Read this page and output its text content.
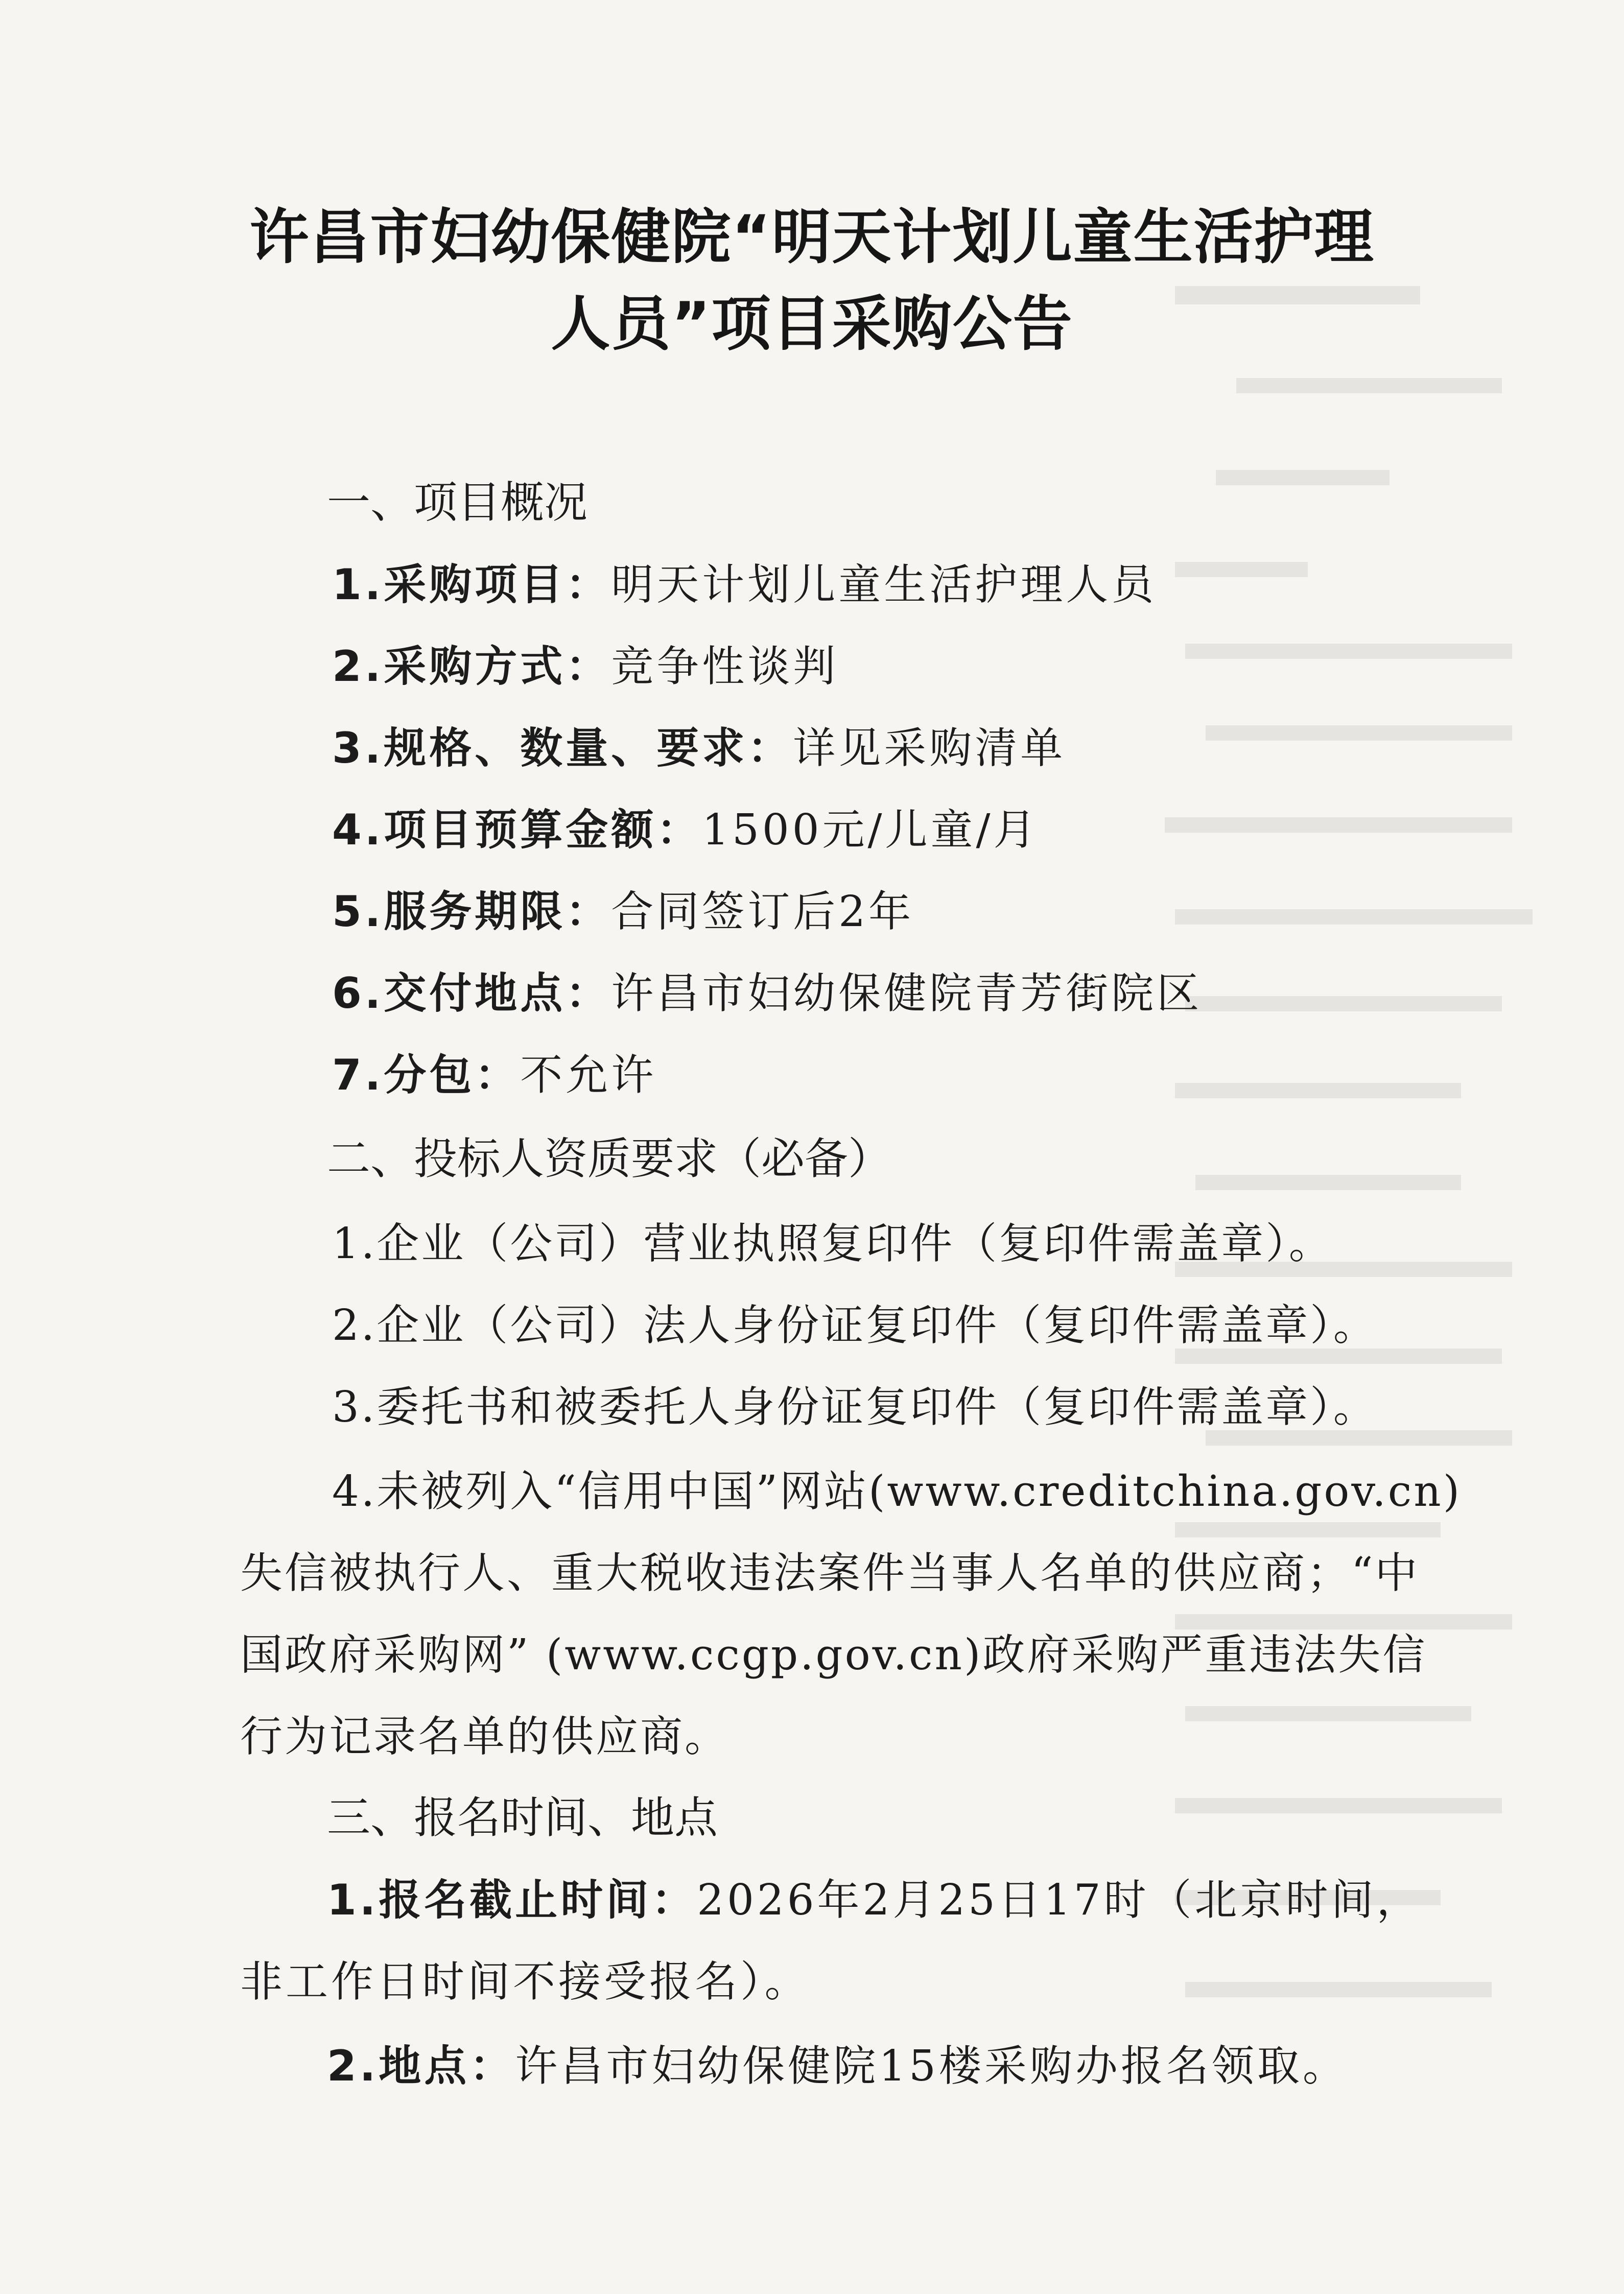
许昌市妇幼保健院“明天计划儿童生活护理
人员”项目采购公告

一、项目概况

1.采购项目：明天计划儿童生活护理人员

2.采购方式：竞争性谈判

3.规格、数量、要求：详见采购清单

4.项目预算金额：1500元/儿童/月

5.服务期限：合同签订后2年

6.交付地点：许昌市妇幼保健院青芳街院区

7.分包：不允许

二、投标人资质要求（必备）

1.企业（公司）营业执照复印件（复印件需盖章）。

2.企业（公司）法人身份证复印件（复印件需盖章）。

3.委托书和被委托人身份证复印件（复印件需盖章）。

4.未被列入“信用中国”网站(www.creditchina.gov.cn)

失信被执行人、重大税收违法案件当事人名单的供应商；“中

国政府采购网” (www.ccgp.gov.cn)政府采购严重违法失信

行为记录名单的供应商。

三、报名时间、地点

1.报名截止时间：2026年2月25日17时（北京时间，

非工作日时间不接受报名）。

2.地点：许昌市妇幼保健院15楼采购办报名领取。
